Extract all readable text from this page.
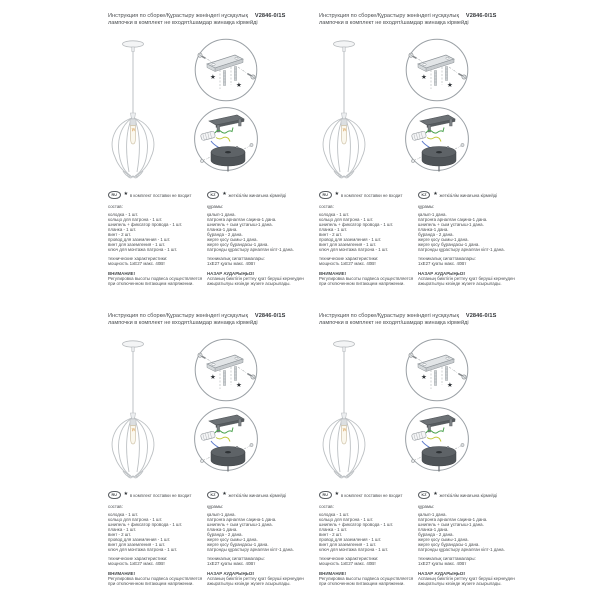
Инструкция по сборке/Құрастыру жөніндегі нұсқаулық V2846-0/1S
лампочки в комплект не входят/шамдар жинаққа кірмейді
★
★
RU	★ в комплект поставки не входит
состав:
колодка - 1 шт.
кольцо для патрона - 1 шт.
шнипель + фиксатор провода - 1 шт.
планка - 1 шт.
винт - 2 шт.
провод для заземления - 1 шт.
винт для заземления - 1 шт.
ключ для монтажа патрона - 1 шт.
технические характеристики:
мощность 1хЕ27 макс. 40Вт
ВНИМАНИЕ!
Регулировка высоты подвеса осуществляется
при отключенном питающем напряжении.
KZ	★ жеткізілім жинағына кірмейді
құрамы:
қалып-1 дана.
патронға арналған сақина-1 дана.
шнипель + сым ұстағыш-1 дана.
планка-1 дана.
бұранда - 2 дана.
жерге қосу сымы-1 дана.
жерге қосу бұрандасы-1 дана.
патронды құрастыру арналған кілт-1 дана.
техникалық сипаттамалары:
1хЕ27 қуаты макс. 40Вт
НАЗАР АУДАРЫҢЫЗ!
Аспаның биіктігін реттеу қуат беруші кернеуден
ажыратылуы кезінде жүзеге асырылады.
Инструкция по сборке/Құрастыру жөніндегі нұсқаулық V2846-0/1S
лампочки в комплект не входят/шамдар жинаққа кірмейді
★
★
RU	★ в комплект поставки не входит
состав:
колодка - 1 шт.
кольцо для патрона - 1 шт.
шнипель + фиксатор провода - 1 шт.
планка - 1 шт.
винт - 2 шт.
провод для заземления - 1 шт.
винт для заземления - 1 шт.
ключ для монтажа патрона - 1 шт.
технические характеристики:
мощность 1хЕ27 макс. 40Вт
ВНИМАНИЕ!
Регулировка высоты подвеса осуществляется
при отключенном питающем напряжении.
KZ	★ жеткізілім жинағына кірмейді
құрамы:
қалып-1 дана.
патронға арналған сақина-1 дана.
шнипель + сым ұстағыш-1 дана.
планка-1 дана.
бұранда - 2 дана.
жерге қосу сымы-1 дана.
жерге қосу бұрандасы-1 дана.
патронды құрастыру арналған кілт-1 дана.
техникалық сипаттамалары:
1хЕ27 қуаты макс. 40Вт
НАЗАР АУДАРЫҢЫЗ!
Аспаның биіктігін реттеу қуат беруші кернеуден
ажыратылуы кезінде жүзеге асырылады.
Инструкция по сборке/Құрастыру жөніндегі нұсқаулық V2846-0/1S
лампочки в комплект не входят/шамдар жинаққа кірмейді
★
★
RU	★ в комплект поставки не входит
состав:
колодка - 1 шт.
кольцо для патрона - 1 шт.
шнипель + фиксатор провода - 1 шт.
планка - 1 шт.
винт - 2 шт.
провод для заземления - 1 шт.
винт для заземления - 1 шт.
ключ для монтажа патрона - 1 шт.
технические характеристики:
мощность 1хЕ27 макс. 40Вт
ВНИМАНИЕ!
Регулировка высоты подвеса осуществляется
при отключенном питающем напряжении.
KZ	★ жеткізілім жинағына кірмейді
құрамы:
қалып-1 дана.
патронға арналған сақина-1 дана.
шнипель + сым ұстағыш-1 дана.
планка-1 дана.
бұранда - 2 дана.
жерге қосу сымы-1 дана.
жерге қосу бұрандасы-1 дана.
патронды құрастыру арналған кілт-1 дана.
техникалық сипаттамалары:
1хЕ27 қуаты макс. 40Вт
НАЗАР АУДАРЫҢЫЗ!
Аспаның биіктігін реттеу қуат беруші кернеуден
ажыратылуы кезінде жүзеге асырылады.
Инструкция по сборке/Құрастыру жөніндегі нұсқаулық V2846-0/1S
лампочки в комплект не входят/шамдар жинаққа кірмейді
★
★
RU	★ в комплект поставки не входит
состав:
колодка - 1 шт.
кольцо для патрона - 1 шт.
шнипель + фиксатор провода - 1 шт.
планка - 1 шт.
винт - 2 шт.
провод для заземления - 1 шт.
винт для заземления - 1 шт.
ключ для монтажа патрона - 1 шт.
технические характеристики:
мощность 1хЕ27 макс. 40Вт
ВНИМАНИЕ!
Регулировка высоты подвеса осуществляется
при отключенном питающем напряжении.
KZ	★ жеткізілім жинағына кірмейді
құрамы:
қалып-1 дана.
патронға арналған сақина-1 дана.
шнипель + сым ұстағыш-1 дана.
планка-1 дана.
бұранда - 2 дана.
жерге қосу сымы-1 дана.
жерге қосу бұрандасы-1 дана.
патронды құрастыру арналған кілт-1 дана.
техникалық сипаттамалары:
1хЕ27 қуаты макс. 40Вт
НАЗАР АУДАРЫҢЫЗ!
Аспаның биіктігін реттеу қуат беруші кернеуден
ажыратылуы кезінде жүзеге асырылады.
